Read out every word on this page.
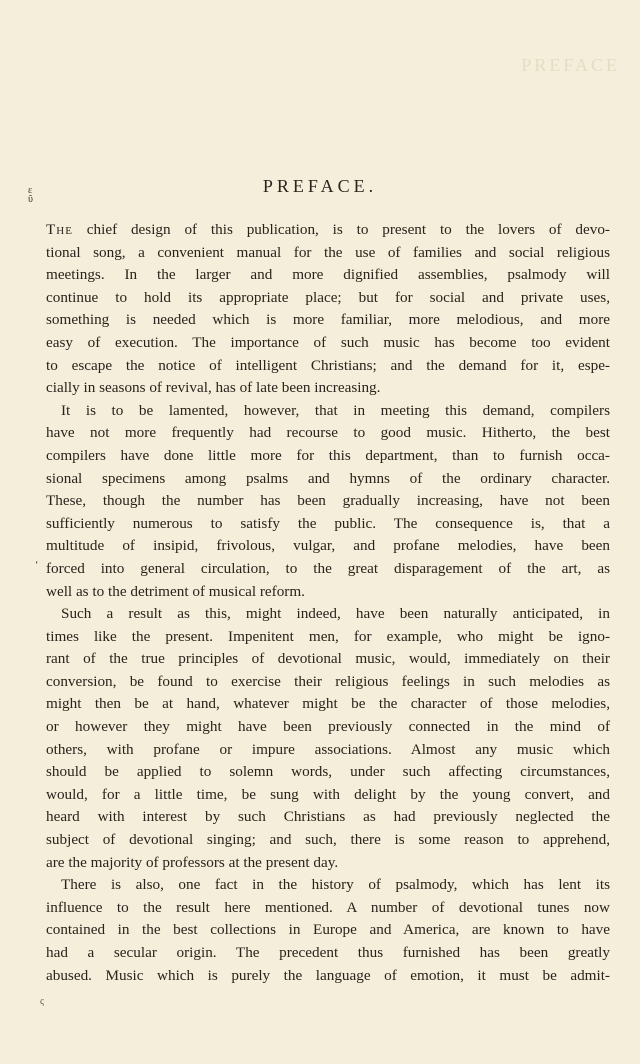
PREFACE
ε
ῦ
‘
ς
PREFACE.
The chief design of this publication, is to present to the lovers of devo-
tional song, a convenient manual for the use of families and social religious
meetings. In the larger and more dignified assemblies, psalmody will
continue to hold its appropriate place; but for social and private uses,
something is needed which is more familiar, more melodious, and more
easy of execution. The importance of such music has become too evident
to escape the notice of intelligent Christians; and the demand for it, espe-
cially in seasons of revival, has of late been increasing.
It is to be lamented, however, that in meeting this demand, compilers
have not more frequently had recourse to good music. Hitherto, the best
compilers have done little more for this department, than to furnish occa-
sional specimens among psalms and hymns of the ordinary character.
These, though the number has been gradually increasing, have not been
sufficiently numerous to satisfy the public. The consequence is, that a
multitude of insipid, frivolous, vulgar, and profane melodies, have been
forced into general circulation, to the great disparagement of the art, as
well as to the detriment of musical reform.
Such a result as this, might indeed, have been naturally anticipated, in
times like the present. Impenitent men, for example, who might be igno-
rant of the true principles of devotional music, would, immediately on their
conversion, be found to exercise their religious feelings in such melodies as
might then be at hand, whatever might be the character of those melodies,
or however they might have been previously connected in the mind of
others, with profane or impure associations. Almost any music which
should be applied to solemn words, under such affecting circumstances,
would, for a little time, be sung with delight by the young convert, and
heard with interest by such Christians as had previously neglected the
subject of devotional singing; and such, there is some reason to apprehend,
are the majority of professors at the present day.
There is also, one fact in the history of psalmody, which has lent its
influence to the result here mentioned. A number of devotional tunes now
contained in the best collections in Europe and America, are known to have
had a secular origin. The precedent thus furnished has been greatly
abused. Music which is purely the language of emotion, it must be admit-
